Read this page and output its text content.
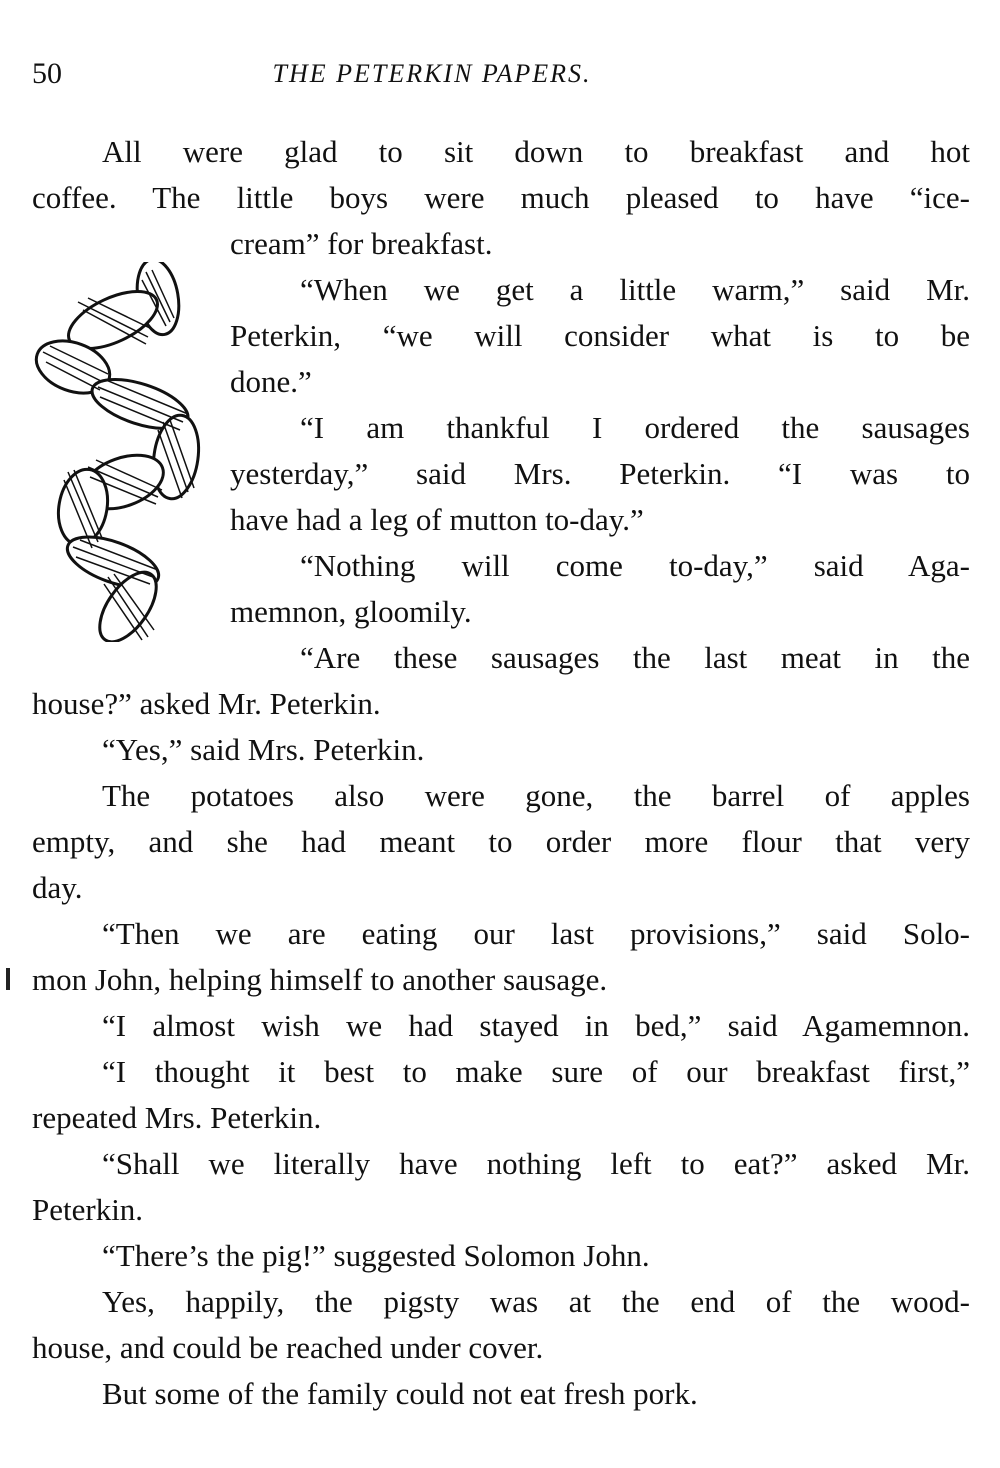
50	THE PETERKIN PAPERS.
All were glad to sit down to breakfast and hot
coffee. The little boys were much pleased to have “ice-
cream” for breakfast.
“When we get a little warm,” said Mr.
Peterkin, “we will consider what is to be
done.”
“I am thankful I ordered the sausages
yesterday,” said Mrs. Peterkin. “I was to
have had a leg of mutton to-day.”
“Nothing will come to-day,” said Aga-
memnon, gloomily.
“Are these sausages the last meat in the
house?” asked Mr. Peterkin.
“Yes,” said Mrs. Peterkin.
The potatoes also were gone, the barrel of apples
empty, and she had meant to order more flour that very
day.
“Then we are eating our last provisions,” said Solo-
mon John, helping himself to another sausage.
“I almost wish we had stayed in bed,” said Agamemnon.
“I thought it best to make sure of our breakfast first,”
repeated Mrs. Peterkin.
“Shall we literally have nothing left to eat?” asked Mr.
Peterkin.
“There’s the pig!” suggested Solomon John.
Yes, happily, the pigsty was at the end of the wood-
house, and could be reached under cover.
But some of the family could not eat fresh pork.
